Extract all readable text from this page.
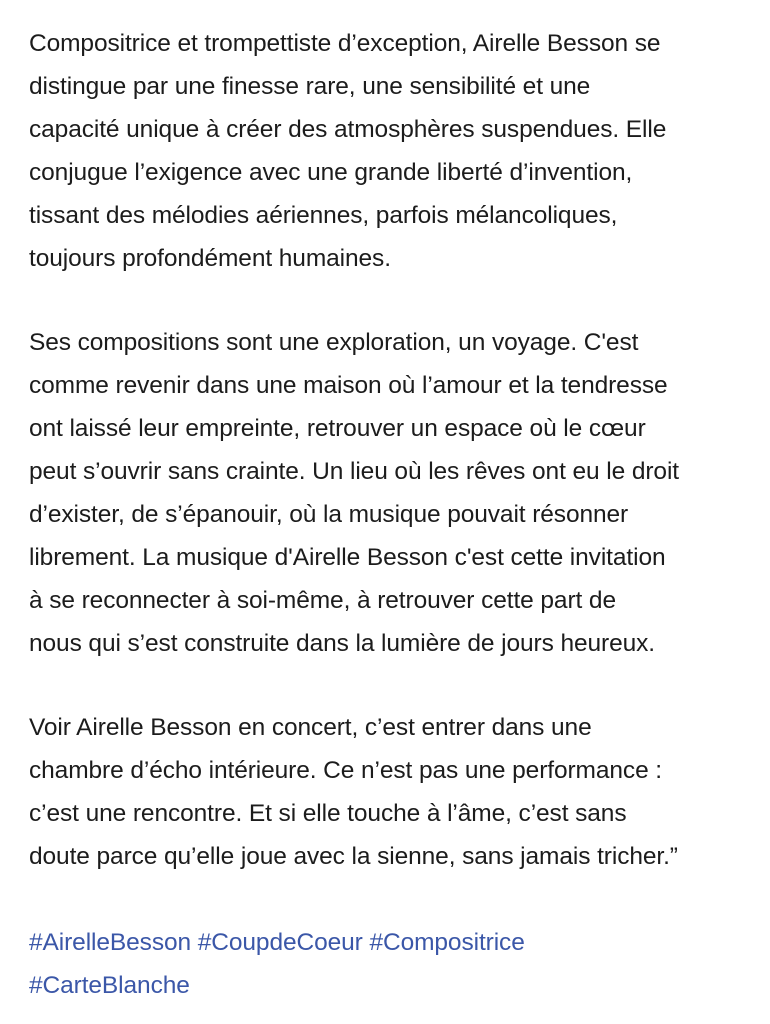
Compositrice et trompettiste d’exception, Airelle Besson se
distingue par une finesse rare, une sensibilité et une
capacité unique à créer des atmosphères suspendues. Elle
conjugue l’exigence avec une grande liberté d’invention,
tissant des mélodies aériennes, parfois mélancoliques,
toujours profondément humaines.

Ses compositions sont une exploration, un voyage. C'est
comme revenir dans une maison où l’amour et la tendresse
ont laissé leur empreinte, retrouver un espace où le cœur
peut s’ouvrir sans crainte. Un lieu où les rêves ont eu le droit
d’exister, de s’épanouir, où la musique pouvait résonner
librement. La musique d'Airelle Besson c'est cette invitation
à se reconnecter à soi-même, à retrouver cette part de
nous qui s’est construite dans la lumière de jours heureux.

Voir Airelle Besson en concert, c’est entrer dans une
chambre d’écho intérieure. Ce n’est pas une performance :
c’est une rencontre. Et si elle touche à l’âme, c’est sans
doute parce qu’elle joue avec la sienne, sans jamais tricher.”

#AirelleBesson #CoupdeCoeur #Compositrice
#CarteBlanche
